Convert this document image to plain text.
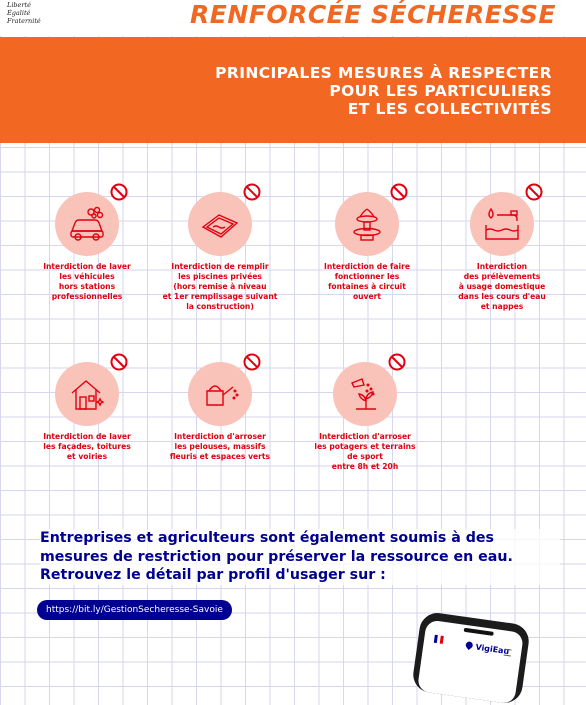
Liberté
Égalité
Fraternité	RENFORCÉE SÉCHERESSE
PRINCIPALES MESURES À RESPECTER
POUR LES PARTICULIERS
ET LES COLLECTIVITÉS
Interdiction de laver
les véhicules
hors stations
professionnelles
Interdiction de remplir
les piscines privées
(hors remise à niveau
et 1er remplissage suivant
la construction)
Interdiction de faire
fonctionner les
fontaines à circuit
ouvert
Interdiction
des prélèvements
à usage domestique
dans les cours d'eau
et nappes
Interdiction de laver
les façades, toitures
et voiries
Interdiction d'arroser
les pelouses, massifs
fleuris et espaces verts
Interdiction d'arroser
les potagers et terrains
de sport
entre 8h et 20h
Entreprises et agriculteurs sont également soumis à des
mesures de restriction pour préserver la ressource en eau.
Retrouvez le détail par profil d'usager sur :
https://bit.ly/GestionSecheresse-Savoie
VigiEau
